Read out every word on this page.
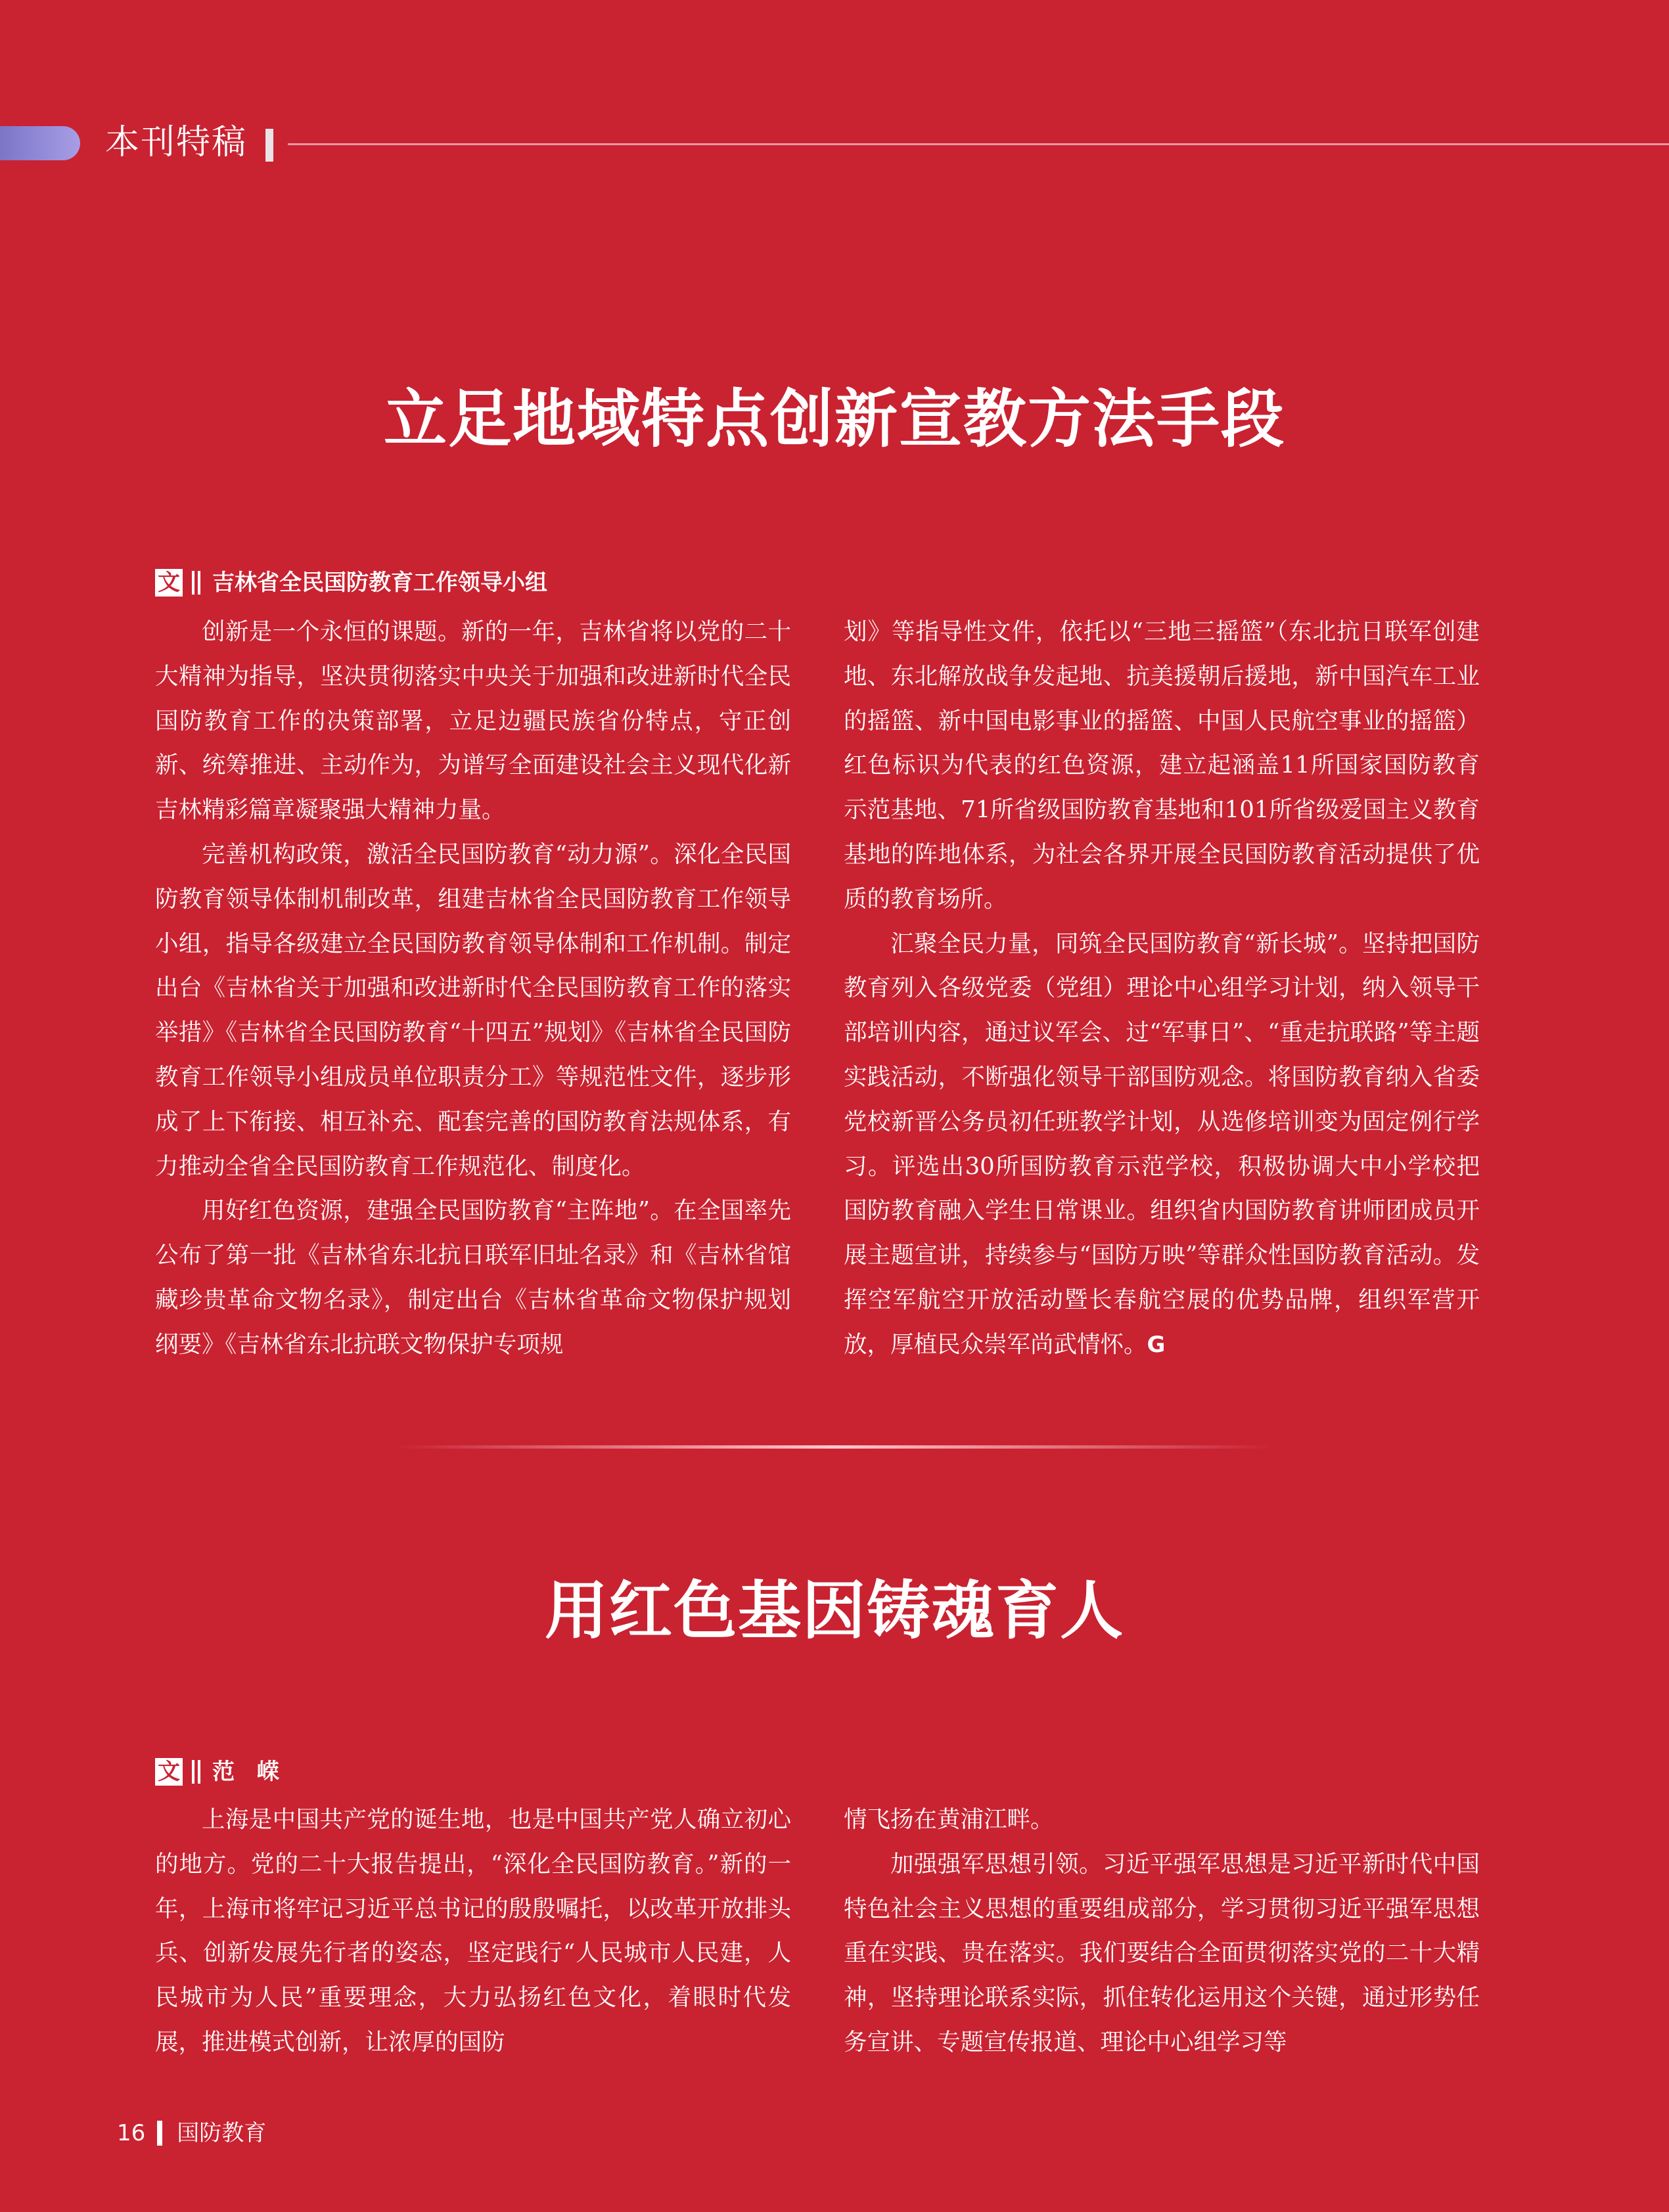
本刊特稿
立足地域特点创新宣教方法手段
文 吉林省全民国防教育工作领导小组

创新是一个永恒的课题。新的一年，吉林省将以党的二十大精神为指导，坚决贯彻落实中央关于加强和改进新时代全民国防教育工作的决策部署，立足边疆民族省份特点，守正创新、统筹推进、主动作为，为谱写全面建设社会主义现代化新吉林精彩篇章凝聚强大精神力量。

完善机构政策，激活全民国防教育“动力源”。深化全民国防教育领导体制机制改革，组建吉林省全民国防教育工作领导小组，指导各级建立全民国防教育领导体制和工作机制。制定出台《吉林省关于加强和改进新时代全民国防教育工作的落实举措》《吉林省全民国防教育“十四五”规划》《吉林省全民国防教育工作领导小组成员单位职责分工》等规范性文件，逐步形成了上下衔接、相互补充、配套完善的国防教育法规体系，有力推动全省全民国防教育工作规范化、制度化。

用好红色资源，建强全民国防教育“主阵地”。在全国率先公布了第一批《吉林省东北抗日联军旧址名录》和《吉林省馆藏珍贵革命文物名录》，制定出台《吉林省革命文物保护规划纲要》《吉林省东北抗联文物保护专项规

划》等指导性文件，依托以“三地三摇篮”（东北抗日联军创建地、东北解放战争发起地、抗美援朝后援地，新中国汽车工业的摇篮、新中国电影事业的摇篮、中国人民航空事业的摇篮）红色标识为代表的红色资源，建立起涵盖11所国家国防教育示范基地、71所省级国防教育基地和101所省级爱国主义教育基地的阵地体系，为社会各界开展全民国防教育活动提供了优质的教育场所。

汇聚全民力量，同筑全民国防教育“新长城”。坚持把国防教育列入各级党委（党组）理论中心组学习计划，纳入领导干部培训内容，通过议军会、过“军事日”、“重走抗联路”等主题实践活动，不断强化领导干部国防观念。将国防教育纳入省委党校新晋公务员初任班教学计划，从选修培训变为固定例行学习。评选出30所国防教育示范学校，积极协调大中小学校把国防教育融入学生日常课业。组织省内国防教育讲师团成员开展主题宣讲，持续参与“国防万映”等群众性国防教育活动。发挥空军航空开放活动暨长春航空展的优势品牌，组织军营开放，厚植民众崇军尚武情怀。G

用红色基因铸魂育人
文 范　嵘

上海是中国共产党的诞生地，也是中国共产党人确立初心的地方。党的二十大报告提出，“深化全民国防教育。”新的一年，上海市将牢记习近平总书记的殷殷嘱托，以改革开放排头兵、创新发展先行者的姿态，坚定践行“人民城市人民建，人民城市为人民”重要理念，大力弘扬红色文化，着眼时代发展，推进模式创新，让浓厚的国防

情飞扬在黄浦江畔。

加强强军思想引领。习近平强军思想是习近平新时代中国特色社会主义思想的重要组成部分，学习贯彻习近平强军思想重在实践、贵在落实。我们要结合全面贯彻落实党的二十大精神，坚持理论联系实际，抓住转化运用这个关键，通过形势任务宣讲、专题宣传报道、理论中心组学习等

16 国防教育
